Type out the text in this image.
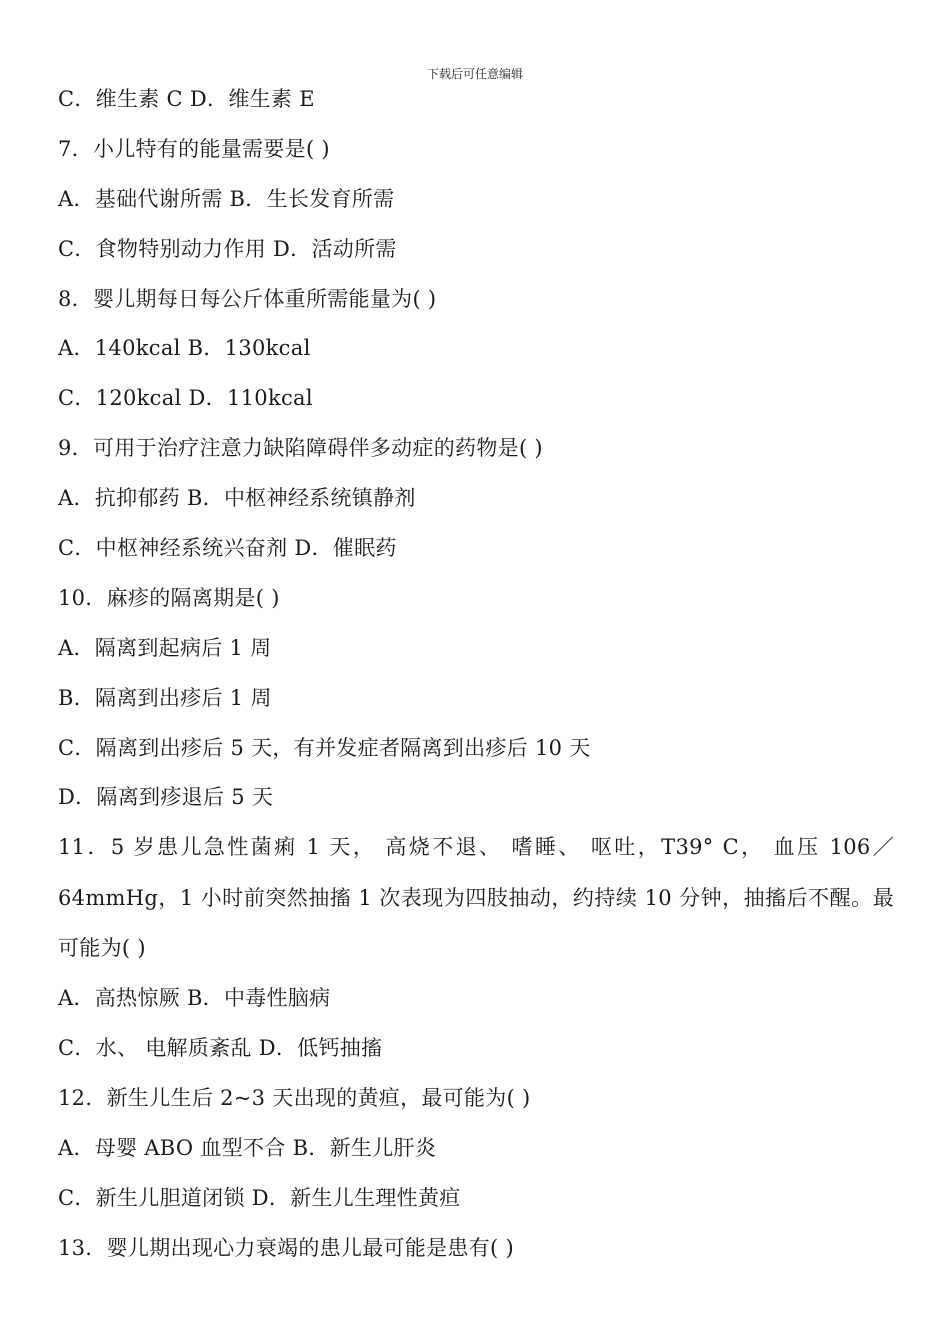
下载后可任意编辑
C．维生素 C D．维生素 E
7．小儿特有的能量需要是( )
A．基础代谢所需 B．生长发育所需
C．食物特别动力作用 D．活动所需
8．婴儿期每日每公斤体重所需能量为( )
A．140kcal B．130kcal
C．120kcal D．110kcal
9．可用于治疗注意力缺陷障碍伴多动症的药物是( )
A．抗抑郁药 B．中枢神经系统镇静剂
C．中枢神经系统兴奋剂 D．催眠药
10．麻疹的隔离期是( )
A．隔离到起病后 1 周
B．隔离到出疹后 1 周
C．隔离到出疹后 5 天，有并发症者隔离到出疹后 10 天
D．隔离到疹退后 5 天
11．5 岁患儿急性菌痢 1 天， 高烧不退、 嗜睡、 呕吐，T39° C， 血压 106／64mmHg，1 小时前突然抽搐 1 次表现为四肢抽动，约持续 10 分钟，抽搐后不醒。最可能为( )
A．高热惊厥 B．中毒性脑病
C．水、 电解质紊乱 D．低钙抽搐
12．新生儿生后 2~3 天出现的黄疸，最可能为( )
A．母婴 ABO 血型不合 B．新生儿肝炎
C．新生儿胆道闭锁 D．新生儿生理性黄疸
13．婴儿期出现心力衰竭的患儿最可能是患有( )
